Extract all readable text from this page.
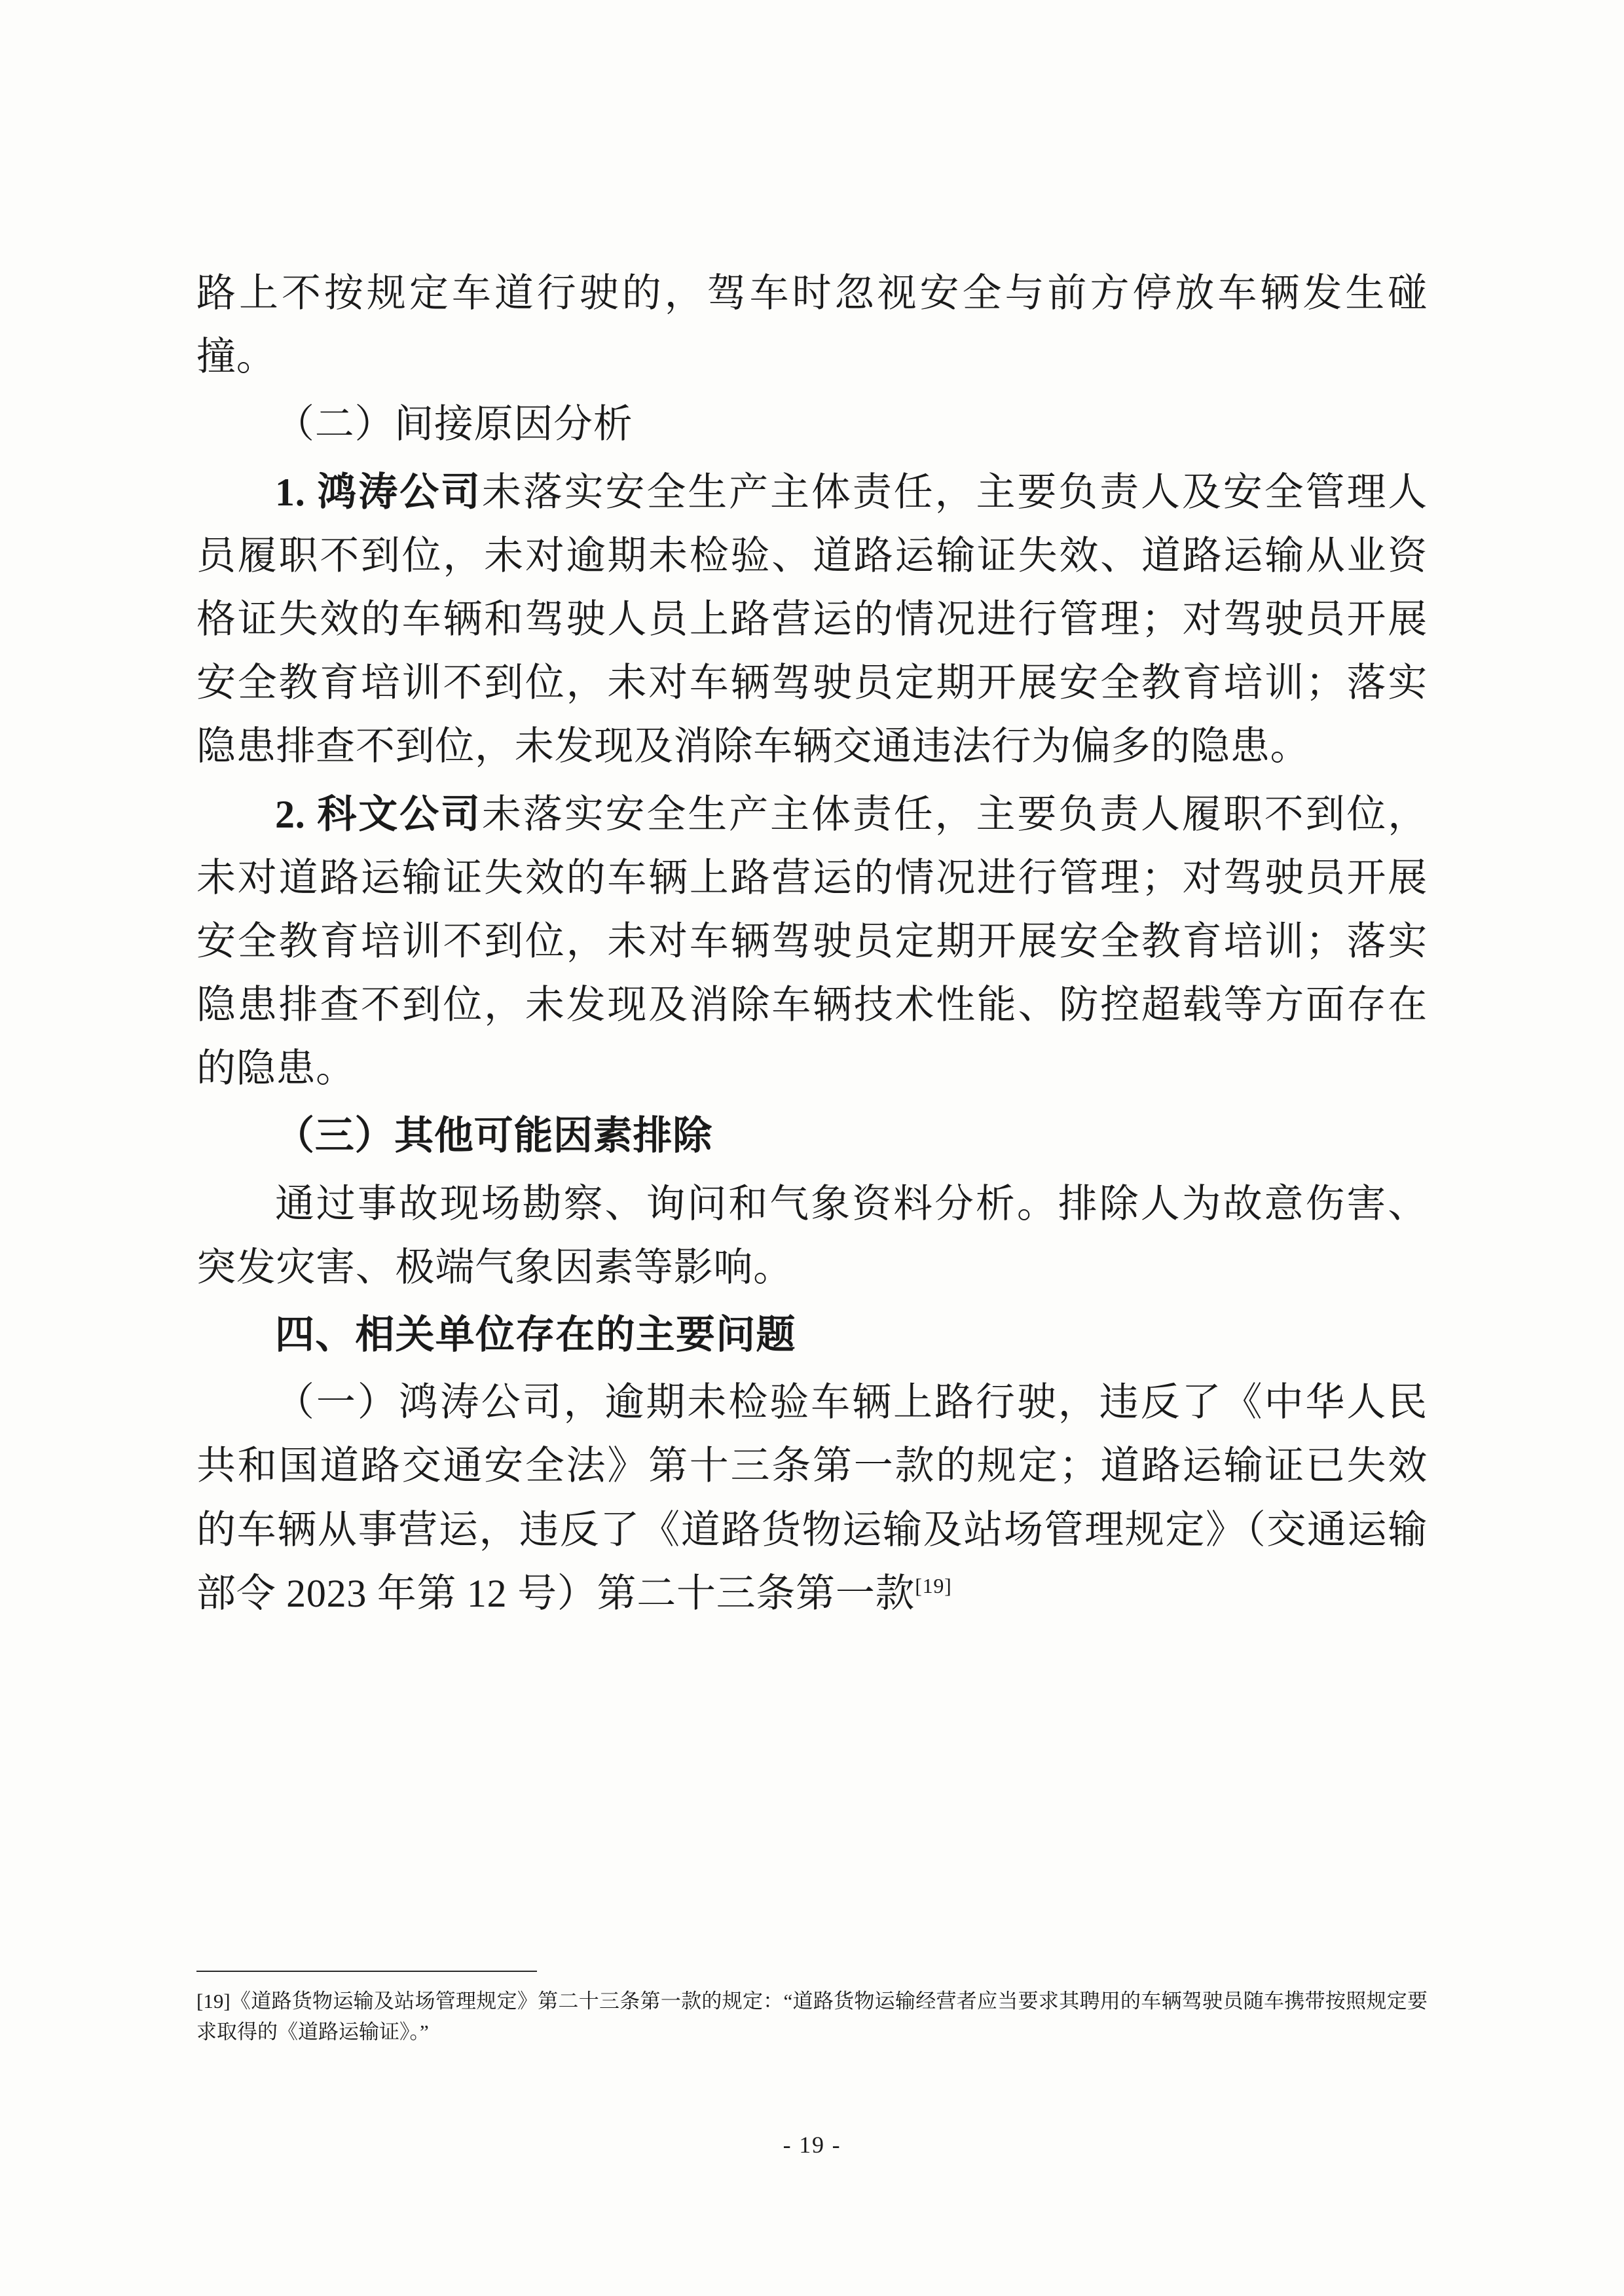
路上不按规定车道行驶的，驾车时忽视安全与前方停放车辆发生碰撞。

（二）间接原因分析

1. 鸿涛公司未落实安全生产主体责任，主要负责人及安全管理人员履职不到位，未对逾期未检验、道路运输证失效、道路运输从业资格证失效的车辆和驾驶人员上路营运的情况进行管理；对驾驶员开展安全教育培训不到位，未对车辆驾驶员定期开展安全教育培训；落实隐患排查不到位，未发现及消除车辆交通违法行为偏多的隐患。

2. 科文公司未落实安全生产主体责任，主要负责人履职不到位，未对道路运输证失效的车辆上路营运的情况进行管理；对驾驶员开展安全教育培训不到位，未对车辆驾驶员定期开展安全教育培训；落实隐患排查不到位，未发现及消除车辆技术性能、防控超载等方面存在的隐患。

（三）其他可能因素排除

通过事故现场勘察、询问和气象资料分析。排除人为故意伤害、突发灾害、极端气象因素等影响。

四、相关单位存在的主要问题

（一）鸿涛公司，逾期未检验车辆上路行驶，违反了《中华人民共和国道路交通安全法》第十三条第一款的规定；道路运输证已失效的车辆从事营运，违反了《道路货物运输及站场管理规定》（交通运输部令 2023 年第 12 号）第二十三条第一款[19]

[19]《道路货物运输及站场管理规定》第二十三条第一款的规定：“道路货物运输经营者应当要求其聘用的车辆驾驶员随车携带按照规定要求取得的《道路运输证》。”

- 19 -
